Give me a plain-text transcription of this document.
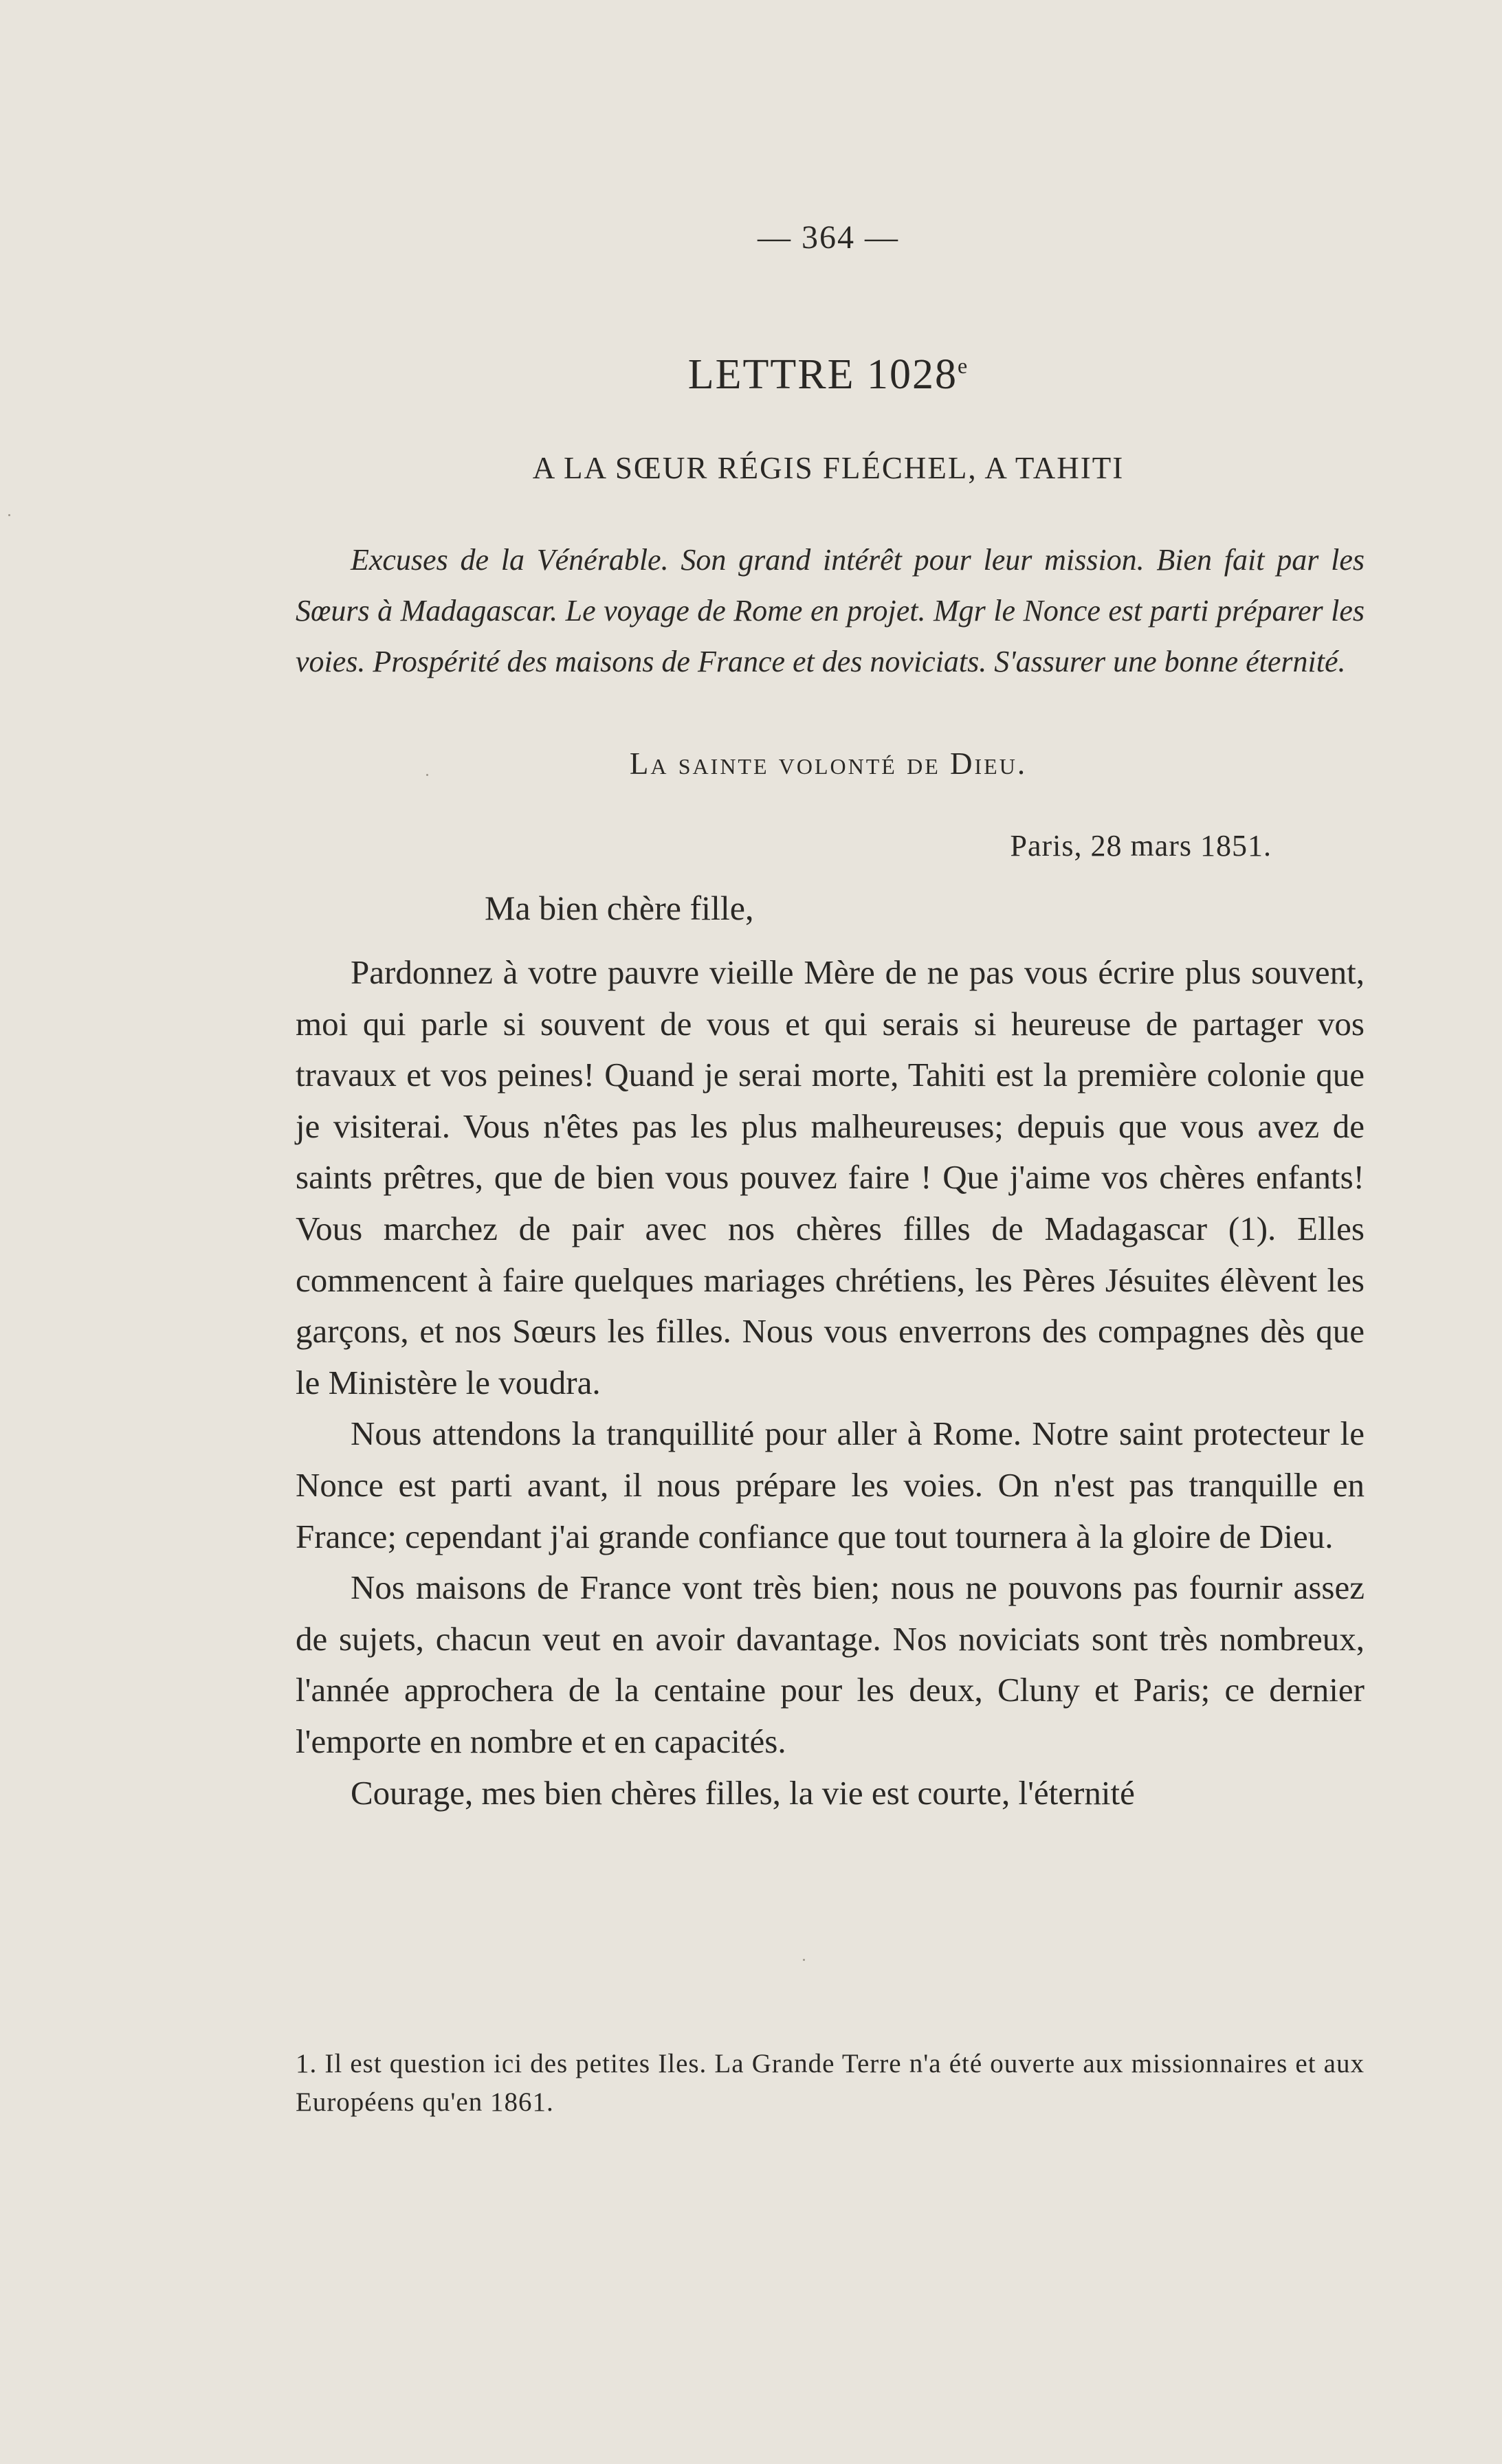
— 364 —
LETTRE 1028e
A LA SŒUR RÉGIS FLÉCHEL, A TAHITI

Excuses de la Vénérable. Son grand intérêt pour leur mission. Bien fait par les Sœurs à Madagascar. Le voyage de Rome en projet. Mgr le Nonce est parti préparer les voies. Prospérité des maisons de France et des noviciats. S'assurer une bonne éternité.

La sainte volonté de Dieu.
Paris, 28 mars 1851.
Ma bien chère fille,

Pardonnez à votre pauvre vieille Mère de ne pas vous écrire plus souvent, moi qui parle si souvent de vous et qui serais si heureuse de partager vos travaux et vos peines! Quand je serai morte, Tahiti est la première colonie que je visiterai. Vous n'êtes pas les plus malheureuses; depuis que vous avez de saints prêtres, que de bien vous pouvez faire ! Que j'aime vos chères enfants! Vous marchez de pair avec nos chères filles de Madagascar (1). Elles commencent à faire quelques mariages chrétiens, les Pères Jésuites élèvent les garçons, et nos Sœurs les filles. Nous vous enverrons des compagnes dès que le Ministère le voudra.

Nous attendons la tranquillité pour aller à Rome. Notre saint protecteur le Nonce est parti avant, il nous prépare les voies. On n'est pas tranquille en France; cependant j'ai grande confiance que tout tournera à la gloire de Dieu.

Nos maisons de France vont très bien; nous ne pouvons pas fournir assez de sujets, chacun veut en avoir davantage. Nos noviciats sont très nombreux, l'année approchera de la centaine pour les deux, Cluny et Paris; ce dernier l'emporte en nombre et en capacités.

Courage, mes bien chères filles, la vie est courte, l'éternité

1. Il est question ici des petites Iles. La Grande Terre n'a été ouverte aux missionnaires et aux Européens qu'en 1861.
